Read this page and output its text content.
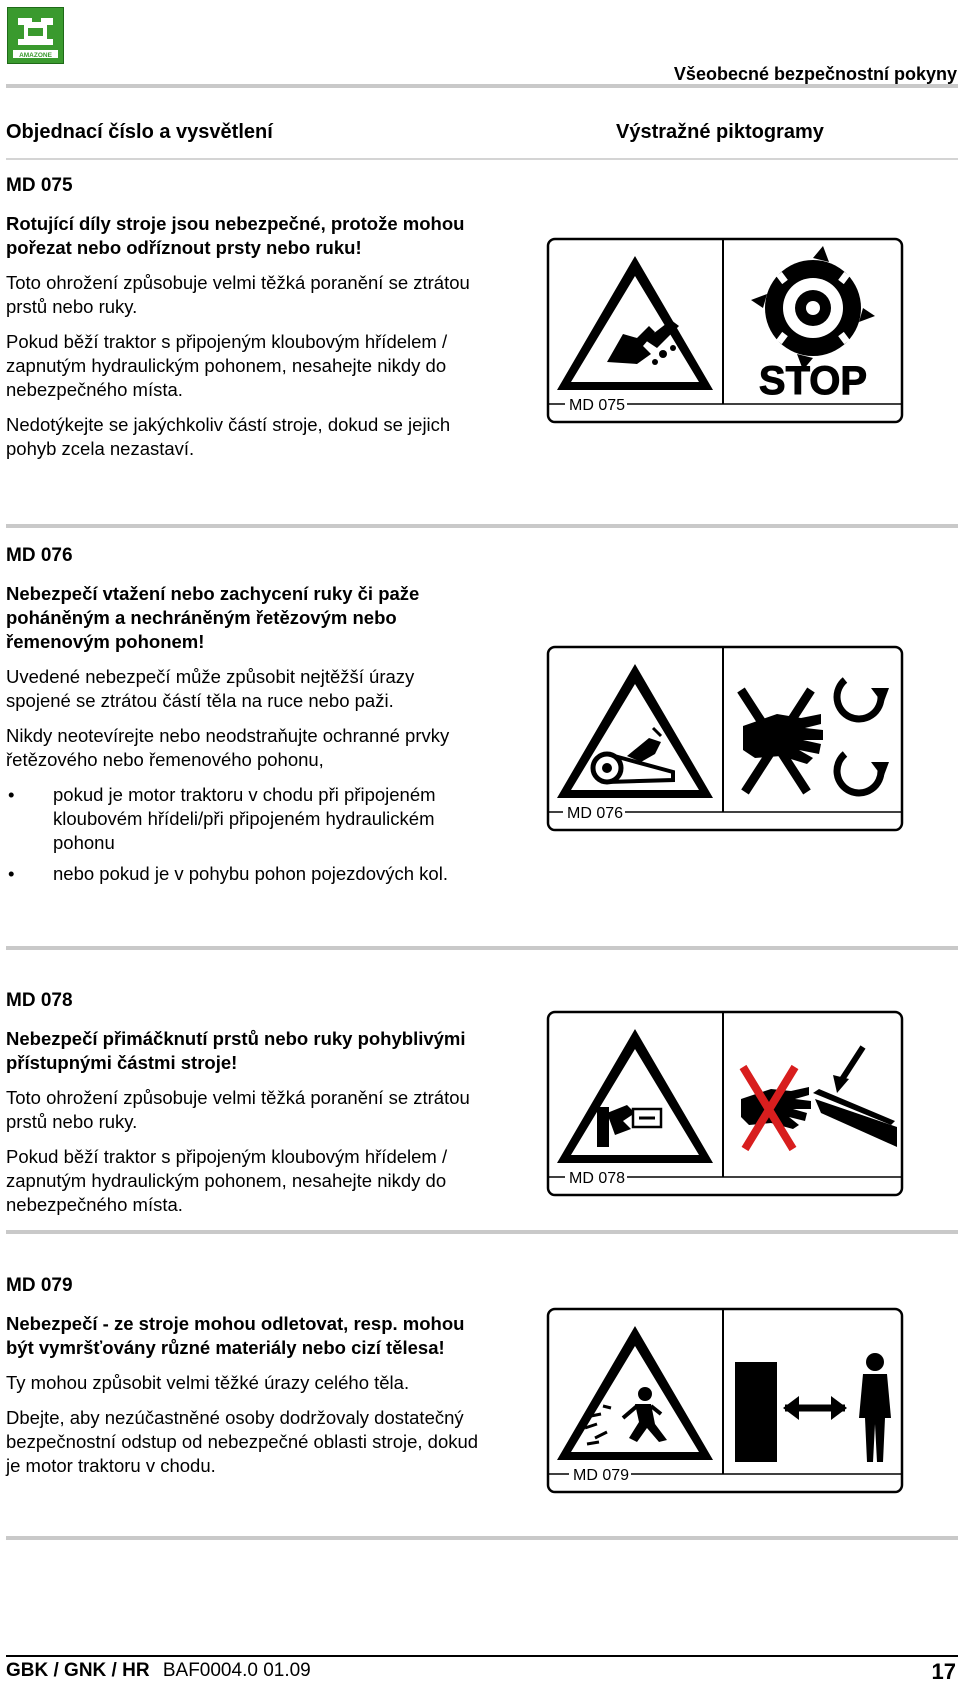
AMAZONE
Všeobecné bezpečnostní pokyny
Objednací číslo a vysvětlení	Výstražné piktogramy
MD 075
Rotující díly stroje jsou nebezpečné, protože mohou pořezat nebo odříznout prsty nebo ruku!

Toto ohrožení způsobuje velmi těžká poranění se ztrátou prstů nebo ruky.

Pokud běží traktor s připojeným kloubovým hřídelem / zapnutým hydraulickým pohonem, nesahejte nikdy do nebezpečného místa.

Nedotýkejte se jakýchkoliv částí stroje, dokud se jejich pohyb zcela nezastaví.

MD 075
STOP
MD 076
Nebezpečí vtažení nebo zachycení ruky či paže poháněným a nechráněným řetězovým nebo řemenovým pohonem!

Uvedené nebezpečí může způsobit nejtěžší úrazy spojené se ztrátou částí těla na ruce nebo paži.

Nikdy neotevírejte nebo neodstraňujte ochranné prvky řetězového nebo řemenového pohonu,

• pokud je motor traktoru v chodu při připojeném kloubovém hřídeli/při připojeném hydraulickém pohonu
• nebo pokud je v pohybu pohon pojezdových kol.
MD 076
MD 078
Nebezpečí přimáčknutí prstů nebo ruky pohyblivými přístupnými částmi stroje!

Toto ohrožení způsobuje velmi těžká poranění se ztrátou prstů nebo ruky.

Pokud běží traktor s připojeným kloubovým hřídelem / zapnutým hydraulickým pohonem, nesahejte nikdy do nebezpečného místa.

MD 078
MD 079
Nebezpečí - ze stroje mohou odletovat, resp. mohou být vymršťovány různé materiály nebo cizí tělesa!

Ty mohou způsobit velmi těžké úrazy celého těla.

Dbejte, aby nezúčastněné osoby dodržovaly dostatečný bezpečnostní odstup od nebezpečné oblasti stroje, dokud je motor traktoru v chodu.	MD 079
GBK / GNK / HR BAF0004.0 01.09	17
